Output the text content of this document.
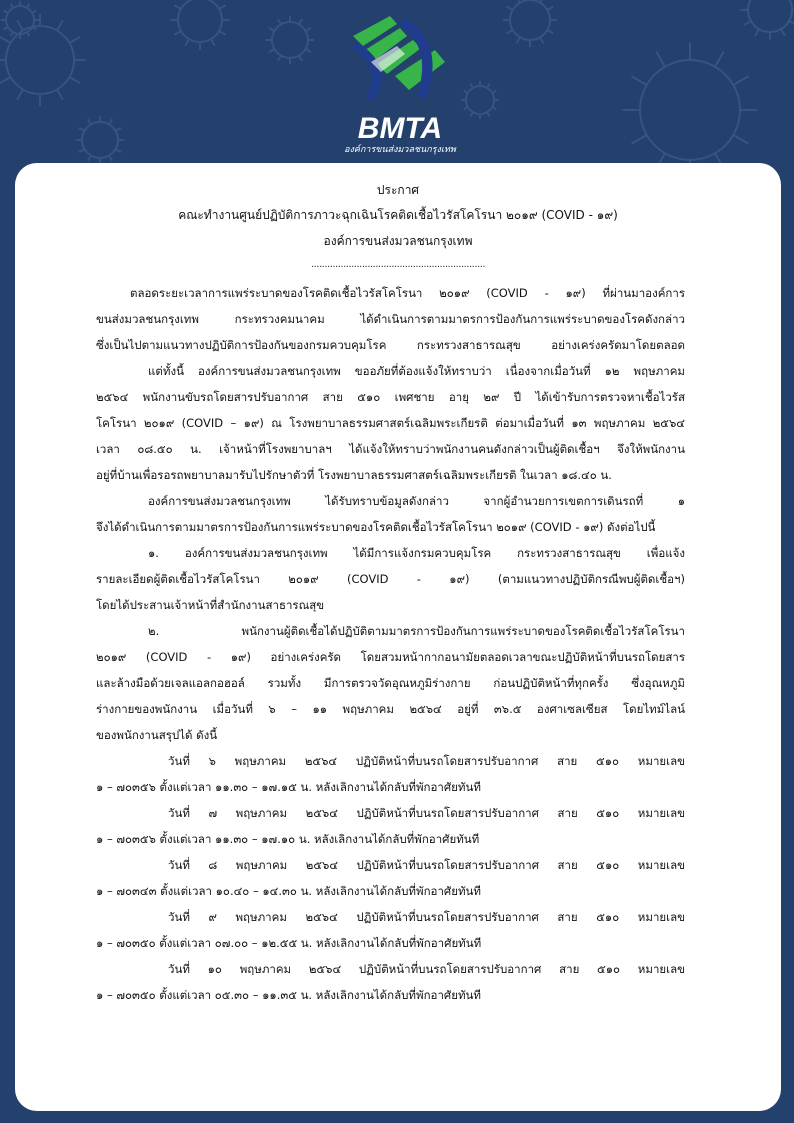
BMTA
องค์การขนส่งมวลชนกรุงเทพ
ประกาศ
คณะทำงานศูนย์ปฏิบัติการภาวะฉุกเฉินโรคติดเชื้อไวรัสโคโรนา ๒๐๑๙ (COVID - ๑๙)
องค์การขนส่งมวลชนกรุงเทพ
.................................................................
ตลอดระยะเวลาการแพร่ระบาดของโรคติดเชื้อไวรัสโคโรนา ๒๐๑๙ (COVID - ๑๙) ที่ผ่านมาองค์การ
ขนส่งมวลชนกรุงเทพ กระทรวงคมนาคม ได้ดำเนินการตามมาตรการป้องกันการแพร่ระบาดของโรคดังกล่าว
ซึ่งเป็นไปตามแนวทางปฏิบัติการป้องกันของกรมควบคุมโรค กระทรวงสาธารณสุข อย่างเคร่งครัดมาโดยตลอด
แต่ทั้งนี้ องค์การขนส่งมวลชนกรุงเทพ ขออภัยที่ต้องแจ้งให้ทราบว่า เนื่องจากเมื่อวันที่ ๑๒ พฤษภาคม
๒๕๖๔ พนักงานขับรถโดยสารปรับอากาศ สาย ๕๑๐ เพศชาย อายุ ๒๙ ปี ได้เข้ารับการตรวจหาเชื้อไวรัส
โคโรนา ๒๐๑๙ (COVID – ๑๙) ณ โรงพยาบาลธรรมศาสตร์เฉลิมพระเกียรติ ต่อมาเมื่อวันที่ ๑๓ พฤษภาคม ๒๕๖๔
เวลา ๐๘.๕๐ น. เจ้าหน้าที่โรงพยาบาลฯ ได้แจ้งให้ทราบว่าพนักงานคนดังกล่าวเป็นผู้ติดเชื้อฯ จึงให้พนักงาน
อยู่ที่บ้านเพื่อรอรถพยาบาลมารับไปรักษาตัวที่ โรงพยาบาลธรรมศาสตร์เฉลิมพระเกียรติ ในเวลา ๑๘.๔๐ น.
องค์การขนส่งมวลชนกรุงเทพ ได้รับทราบข้อมูลดังกล่าว จากผู้อำนวยการเขตการเดินรถที่ ๑
จึงได้ดำเนินการตามมาตรการป้องกันการแพร่ระบาดของโรคติดเชื้อไวรัสโคโรนา ๒๐๑๙ (COVID - ๑๙) ดังต่อไปนี้
๑. องค์การขนส่งมวลชนกรุงเทพ ได้มีการแจ้งกรมควบคุมโรค กระทรวงสาธารณสุข เพื่อแจ้ง
รายละเอียดผู้ติดเชื้อไวรัสโคโรนา ๒๐๑๙ (COVID - ๑๙) (ตามแนวทางปฏิบัติกรณีพบผู้ติดเชื้อฯ)
โดยได้ประสานเจ้าหน้าที่สำนักงานสาธารณสุข
๒. พนักงานผู้ติดเชื้อได้ปฏิบัติตามมาตรการป้องกันการแพร่ระบาดของโรคติดเชื้อไวรัสโคโรนา
๒๐๑๙ (COVID - ๑๙) อย่างเคร่งครัด โดยสวมหน้ากากอนามัยตลอดเวลาขณะปฏิบัติหน้าที่บนรถโดยสาร
และล้างมือด้วยเจลแอลกอฮอล์ รวมทั้ง มีการตรวจวัดอุณหภูมิร่างกาย ก่อนปฏิบัติหน้าที่ทุกครั้ง ซึ่งอุณหภูมิ
ร่างกายของพนักงาน เมื่อวันที่ ๖ – ๑๑ พฤษภาคม ๒๕๖๔ อยู่ที่ ๓๖.๕ องศาเซลเซียส โดยไทม์ไลน์
ของพนักงานสรุปได้ ดังนี้
วันที่ ๖ พฤษภาคม ๒๕๖๔ ปฏิบัติหน้าที่บนรถโดยสารปรับอากาศ สาย ๕๑๐ หมายเลข
๑ – ๗๐๓๕๖ ตั้งแต่เวลา ๑๑.๓๐ – ๑๗.๑๕ น. หลังเลิกงานได้กลับที่พักอาศัยทันที
วันที่ ๗ พฤษภาคม ๒๕๖๔ ปฏิบัติหน้าที่บนรถโดยสารปรับอากาศ สาย ๕๑๐ หมายเลข
๑ – ๗๐๓๕๖ ตั้งแต่เวลา ๑๑.๓๐ – ๑๗.๑๐ น. หลังเลิกงานได้กลับที่พักอาศัยทันที
วันที่ ๘ พฤษภาคม ๒๕๖๔ ปฏิบัติหน้าที่บนรถโดยสารปรับอากาศ สาย ๕๑๐ หมายเลข
๑ – ๗๐๓๔๓ ตั้งแต่เวลา ๑๐.๔๐ – ๑๔.๓๐ น. หลังเลิกงานได้กลับที่พักอาศัยทันที
วันที่ ๙ พฤษภาคม ๒๕๖๔ ปฏิบัติหน้าที่บนรถโดยสารปรับอากาศ สาย ๕๑๐ หมายเลข
๑ – ๗๐๓๕๐ ตั้งแต่เวลา ๐๗.๐๐ – ๑๒.๕๕ น. หลังเลิกงานได้กลับที่พักอาศัยทันที
วันที่ ๑๐ พฤษภาคม ๒๕๖๔ ปฏิบัติหน้าที่บนรถโดยสารปรับอากาศ สาย ๕๑๐ หมายเลข
๑ – ๗๐๓๕๐ ตั้งแต่เวลา ๐๕.๓๐ – ๑๑.๓๕ น. หลังเลิกงานได้กลับที่พักอาศัยทันที
